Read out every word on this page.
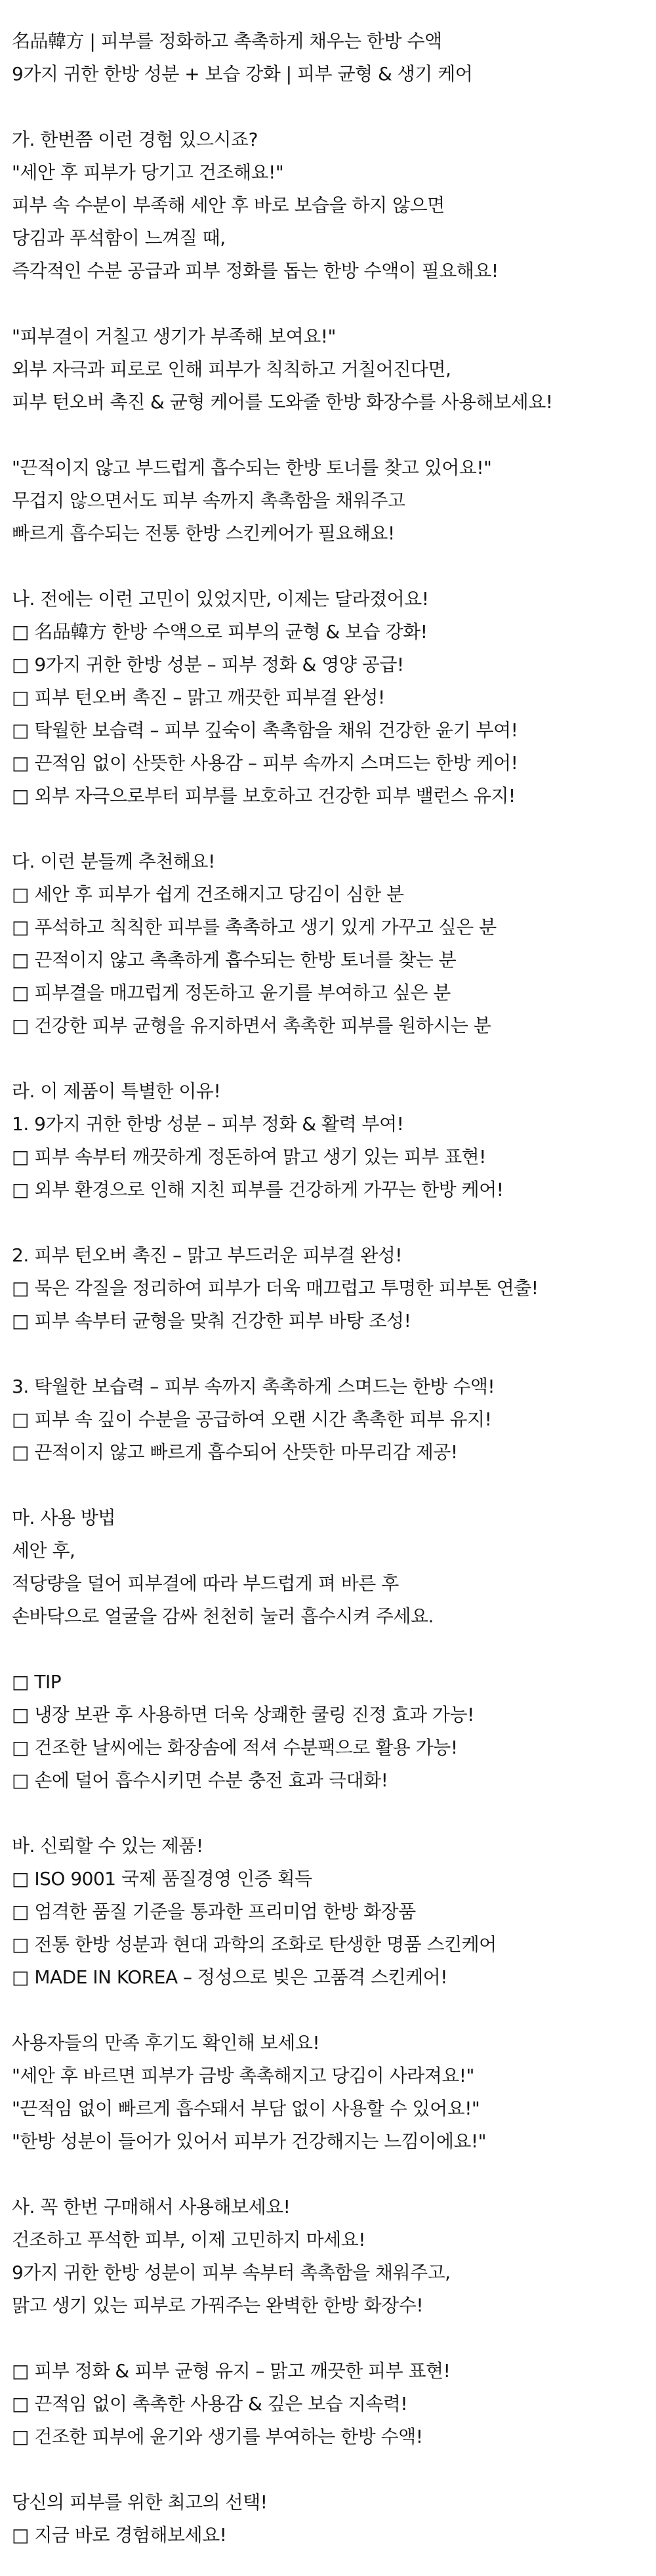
名品韓方 | 피부를 정화하고 촉촉하게 채우는 한방 수액

9가지 귀한 한방 성분 + 보습 강화 | 피부 균형 & 생기 케어

가. 한번쯤 이런 경험 있으시죠?

"세안 후 피부가 당기고 건조해요!"

피부 속 수분이 부족해 세안 후 바로 보습을 하지 않으면

당김과 푸석함이 느껴질 때,

즉각적인 수분 공급과 피부 정화를 돕는 한방 수액이 필요해요!

"피부결이 거칠고 생기가 부족해 보여요!"

외부 자극과 피로로 인해 피부가 칙칙하고 거칠어진다면,

피부 턴오버 촉진 & 균형 케어를 도와줄 한방 화장수를 사용해보세요!

"끈적이지 않고 부드럽게 흡수되는 한방 토너를 찾고 있어요!"

무겁지 않으면서도 피부 속까지 촉촉함을 채워주고

빠르게 흡수되는 전통 한방 스킨케어가 필요해요!

나. 전에는 이런 고민이 있었지만, 이제는 달라졌어요!

□ 名品韓方 한방 수액으로 피부의 균형 & 보습 강화!

□ 9가지 귀한 한방 성분 – 피부 정화 & 영양 공급!

□ 피부 턴오버 촉진 – 맑고 깨끗한 피부결 완성!

□ 탁월한 보습력 – 피부 깊숙이 촉촉함을 채워 건강한 윤기 부여!

□ 끈적임 없이 산뜻한 사용감 – 피부 속까지 스며드는 한방 케어!

□ 외부 자극으로부터 피부를 보호하고 건강한 피부 밸런스 유지!

다. 이런 분들께 추천해요!

□ 세안 후 피부가 쉽게 건조해지고 당김이 심한 분

□ 푸석하고 칙칙한 피부를 촉촉하고 생기 있게 가꾸고 싶은 분

□ 끈적이지 않고 촉촉하게 흡수되는 한방 토너를 찾는 분

□ 피부결을 매끄럽게 정돈하고 윤기를 부여하고 싶은 분

□ 건강한 피부 균형을 유지하면서 촉촉한 피부를 원하시는 분

라. 이 제품이 특별한 이유!

1. 9가지 귀한 한방 성분 – 피부 정화 & 활력 부여!

□ 피부 속부터 깨끗하게 정돈하여 맑고 생기 있는 피부 표현!

□ 외부 환경으로 인해 지친 피부를 건강하게 가꾸는 한방 케어!

2. 피부 턴오버 촉진 – 맑고 부드러운 피부결 완성!

□ 묵은 각질을 정리하여 피부가 더욱 매끄럽고 투명한 피부톤 연출!

□ 피부 속부터 균형을 맞춰 건강한 피부 바탕 조성!

3. 탁월한 보습력 – 피부 속까지 촉촉하게 스며드는 한방 수액!

□ 피부 속 깊이 수분을 공급하여 오랜 시간 촉촉한 피부 유지!

□ 끈적이지 않고 빠르게 흡수되어 산뜻한 마무리감 제공!

마. 사용 방법

세안 후,

적당량을 덜어 피부결에 따라 부드럽게 펴 바른 후

손바닥으로 얼굴을 감싸 천천히 눌러 흡수시켜 주세요.

□ TIP

□ 냉장 보관 후 사용하면 더욱 상쾌한 쿨링 진정 효과 가능!

□ 건조한 날씨에는 화장솜에 적셔 수분팩으로 활용 가능!

□ 손에 덜어 흡수시키면 수분 충전 효과 극대화!

바. 신뢰할 수 있는 제품!

□ ISO 9001 국제 품질경영 인증 획득

□ 엄격한 품질 기준을 통과한 프리미엄 한방 화장품

□ 전통 한방 성분과 현대 과학의 조화로 탄생한 명품 스킨케어

□ MADE IN KOREA – 정성으로 빚은 고품격 스킨케어!

사용자들의 만족 후기도 확인해 보세요!

"세안 후 바르면 피부가 금방 촉촉해지고 당김이 사라져요!"

"끈적임 없이 빠르게 흡수돼서 부담 없이 사용할 수 있어요!"

"한방 성분이 들어가 있어서 피부가 건강해지는 느낌이에요!"

사. 꼭 한번 구매해서 사용해보세요!

건조하고 푸석한 피부, 이제 고민하지 마세요!

9가지 귀한 한방 성분이 피부 속부터 촉촉함을 채워주고,

맑고 생기 있는 피부로 가꿔주는 완벽한 한방 화장수!

□ 피부 정화 & 피부 균형 유지 – 맑고 깨끗한 피부 표현!

□ 끈적임 없이 촉촉한 사용감 & 깊은 보습 지속력!

□ 건조한 피부에 윤기와 생기를 부여하는 한방 수액!

당신의 피부를 위한 최고의 선택!

□ 지금 바로 경험해보세요!
